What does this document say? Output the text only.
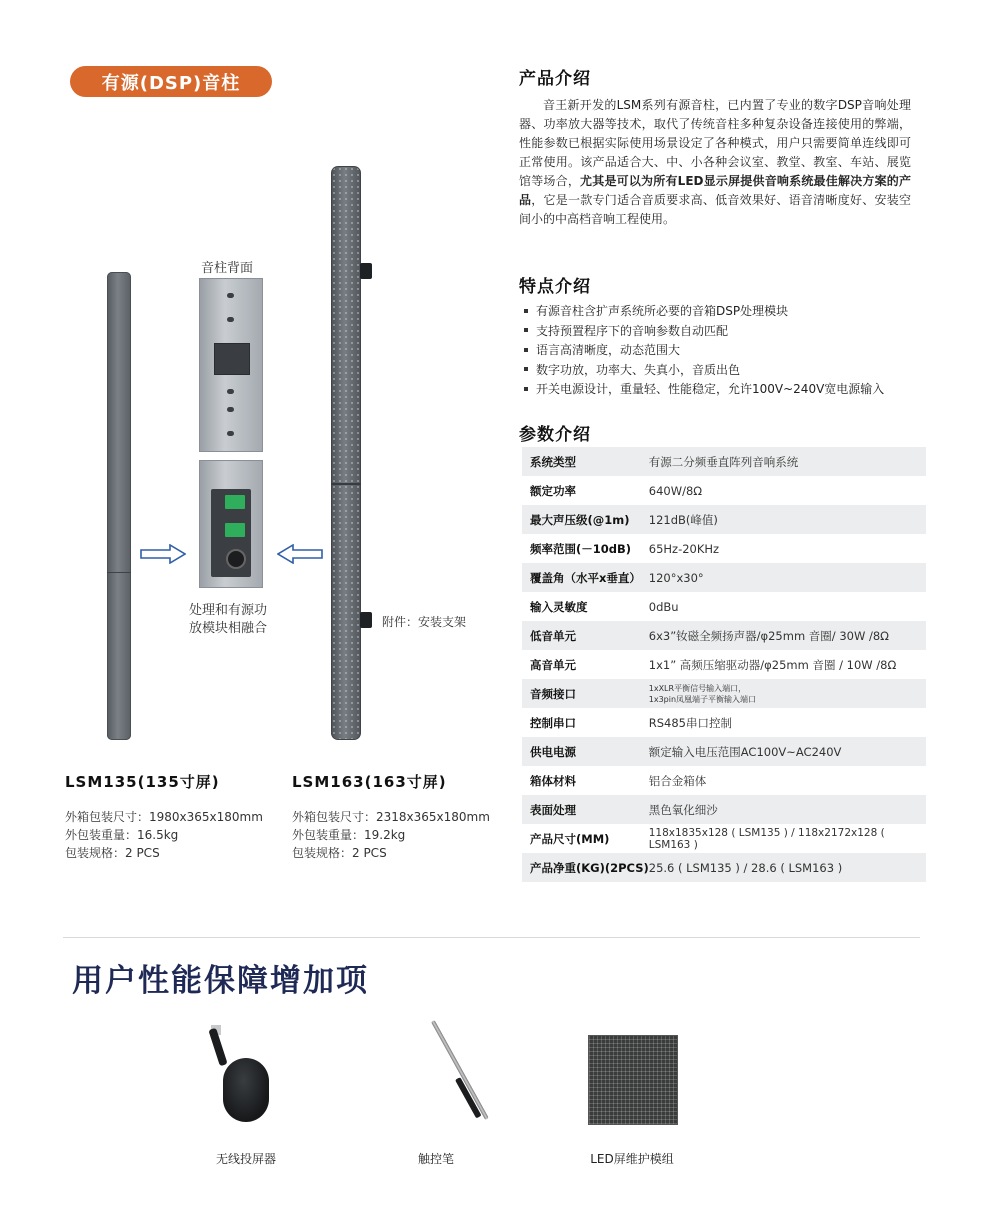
有源(DSP)音柱
音柱背面
处理和有源功
放模块相融合	附件：安装支架
LSM135(135寸屏)
外箱包装尺寸：1980x365x180mm
外包装重量：16.5kg
包装规格：2 PCS
LSM163(163寸屏)
外箱包装尺寸：2318x365x180mm
外包装重量：19.2kg
包装规格：2 PCS
产品介绍
音王新开发的LSM系列有源音柱，已内置了专业的数字DSP音响处理器、功率放大器等技术，取代了传统音柱多种复杂设备连接使用的弊端，性能参数已根据实际使用场景设定了各种模式，用户只需要简单连线即可正常使用。该产品适合大、中、小各种会议室、教堂、教室、车站、展览馆等场合，尤其是可以为所有LED显示屏提供音响系统最佳解决方案的产品，它是一款专门适合音质要求高、低音效果好、语音清晰度好、安装空间小的中高档音响工程使用。
特点介绍
有源音柱含扩声系统所必要的音箱DSP处理模块
支持预置程序下的音响参数自动匹配
语言高清晰度，动态范围大
数字功放，功率大、失真小，音质出色
开关电源设计，重量轻、性能稳定，允许100V~240V宽电源输入
参数介绍
系统类型	有源二分频垂直阵列音响系统
额定功率	640W/8Ω
最大声压级(@1m)	121dB(峰值)
频率范围(－10dB)	65Hz-20KHz
覆盖角（水平x垂直）	120°x30°
输入灵敏度	0dBu
低音单元	6x3”钕磁全频扬声器/φ25mm 音圈/ 30W /8Ω
高音单元	1x1” 高频压缩驱动器/φ25mm 音圈 / 10W /8Ω
音频接口	1xXLR平衡信号输入端口，
1x3pin凤凰端子平衡输入端口

控制串口	RS485串口控制
供电电源	额定输入电压范围AC100V~AC240V
箱体材料	铝合金箱体
表面处理	黑色氧化细沙
产品尺寸(MM)	118x1835x128 ( LSM135 ) / 118x2172x128 ( LSM163 )
产品净重(KG)(2PCS)	25.6 ( LSM135 ) / 28.6 ( LSM163 )
用户性能保障增加项
无线投屏器	触控笔	LED屏维护模组
